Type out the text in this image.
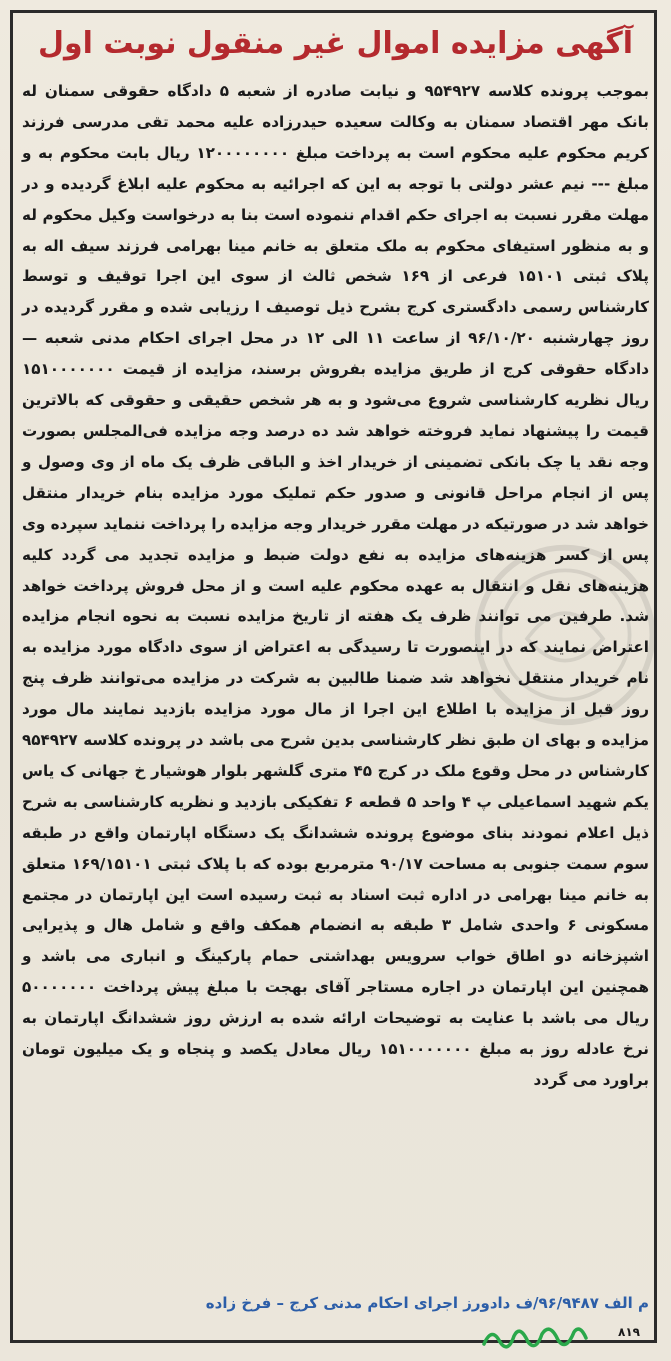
آگهی مزایده اموال غیر منقول نوبت اول

بموجب پرونده کلاسه ۹۵۴۹۲۷ و نیابت صادره از شعبه ۵ دادگاه حقوقی سمنان له بانک مهر اقتصاد سمنان به وکالت سعیده حیدرزاده علیه محمد تقی مدرسی فرزند کریم محکوم علیه محکوم است به پرداخت مبلغ ۱۲۰۰۰۰۰۰۰۰ ریال بابت محکوم به و مبلغ --- نیم عشر دولتی با توجه به این که اجرائیه به محکوم علیه ابلاغ گردیده و در مهلت مقرر نسبت به اجرای حکم اقدام ننموده است بنا به درخواست وکیل محکوم له و به منظور استیفای محکوم به ملک متعلق به خانم مینا بهرامی فرزند سیف اله به پلاک ثبتی ۱۵۱۰۱ فرعی از ۱۶۹ شخص ثالث از سوی این اجرا توقیف و توسط کارشناس رسمی دادگستری کرج بشرح ذیل توصیف ا رزیابی شده و مقرر گردیده در روز چهارشنبه ۹۶/۱۰/۲۰ از ساعت ۱۱ الی ۱۲ در محل اجرای احکام مدنی شعبه — دادگاه حقوقی کرج از طریق مزایده بفروش برسند، مزایده از قیمت ۱۵۱۰۰۰۰۰۰۰ ریال نظریه کارشناسی شروع می‌شود و به هر شخص حقیقی و حقوقی که بالاترین قیمت را پیشنهاد نماید فروخته خواهد شد ده درصد وجه مزایده فی‌المجلس بصورت وجه نقد یا چک بانکی تضمینی از خریدار اخذ و الباقی ظرف یک ماه از وی وصول و پس از انجام مراحل قانونی و صدور حکم تملیک مورد مزایده بنام خریدار منتقل خواهد شد در صورتیکه در مهلت مقرر خریدار وجه مزایده را پرداخت ننماید سپرده وی پس از کسر هزینه‌های مزایده به نفع دولت ضبط و مزایده تجدید می گردد کلیه هزینه‌های نقل و انتقال به عهده محکوم علیه است و از محل فروش پرداخت خواهد شد. طرفین می توانند ظرف یک هفته از تاریخ مزایده نسبت به نحوه انجام مزایده اعتراض نمایند که در اینصورت تا رسیدگی به اعتراض از سوی دادگاه مورد مزایده به نام خریدار منتقل نخواهد شد ضمنا طالبین به شرکت در مزایده می‌توانند ظرف پنج روز قبل از مزایده با اطلاع این اجرا از مال مورد مزایده بازدید نمایند مال مورد مزایده و بهای ان طبق نظر کارشناسی بدین شرح می باشد در پرونده کلاسه ۹۵۴۹۲۷ کارشناس در محل وقوع ملک در کرج ۴۵ متری گلشهر بلوار هوشیار خ جهانی ک یاس یکم شهید اسماعیلی پ ۴ واحد ۵ قطعه ۶ تفکیکی بازدید و نظریه کارشناسی به شرح ذیل اعلام نمودند بنای موضوع پرونده ششدانگ یک دستگاه اپارتمان واقع در طبقه سوم سمت جنوبی به مساحت ۹۰/۱۷ مترمربع بوده که با پلاک ثبتی ۱۶۹/۱۵۱۰۱ متعلق به خانم مینا بهرامی در اداره ثبت اسناد به ثبت رسیده است این اپارتمان در مجتمع مسکونی ۶ واحدی شامل ۳ طبقه به انضمام همکف واقع و شامل هال و پذیرایی اشپزخانه دو اطاق خواب سرویس بهداشتی حمام پارکینگ و انباری می باشد و همچنین این اپارتمان در اجاره مستاجر آقای بهجت با مبلغ پیش پرداخت ۵۰۰۰۰۰۰۰ ریال می باشد با عنایت به توضیحات ارائه شده به ارزش روز ششدانگ اپارتمان به نرخ عادله روز به مبلغ ۱۵۱۰۰۰۰۰۰۰ ریال معادل یکصد و پنجاه و یک میلیون تومان براورد می گردد

م الف ۹۶/۹۴۸۷/ف دادورز اجرای احکام مدنی کرج – فرخ زاده
۸۱۹
